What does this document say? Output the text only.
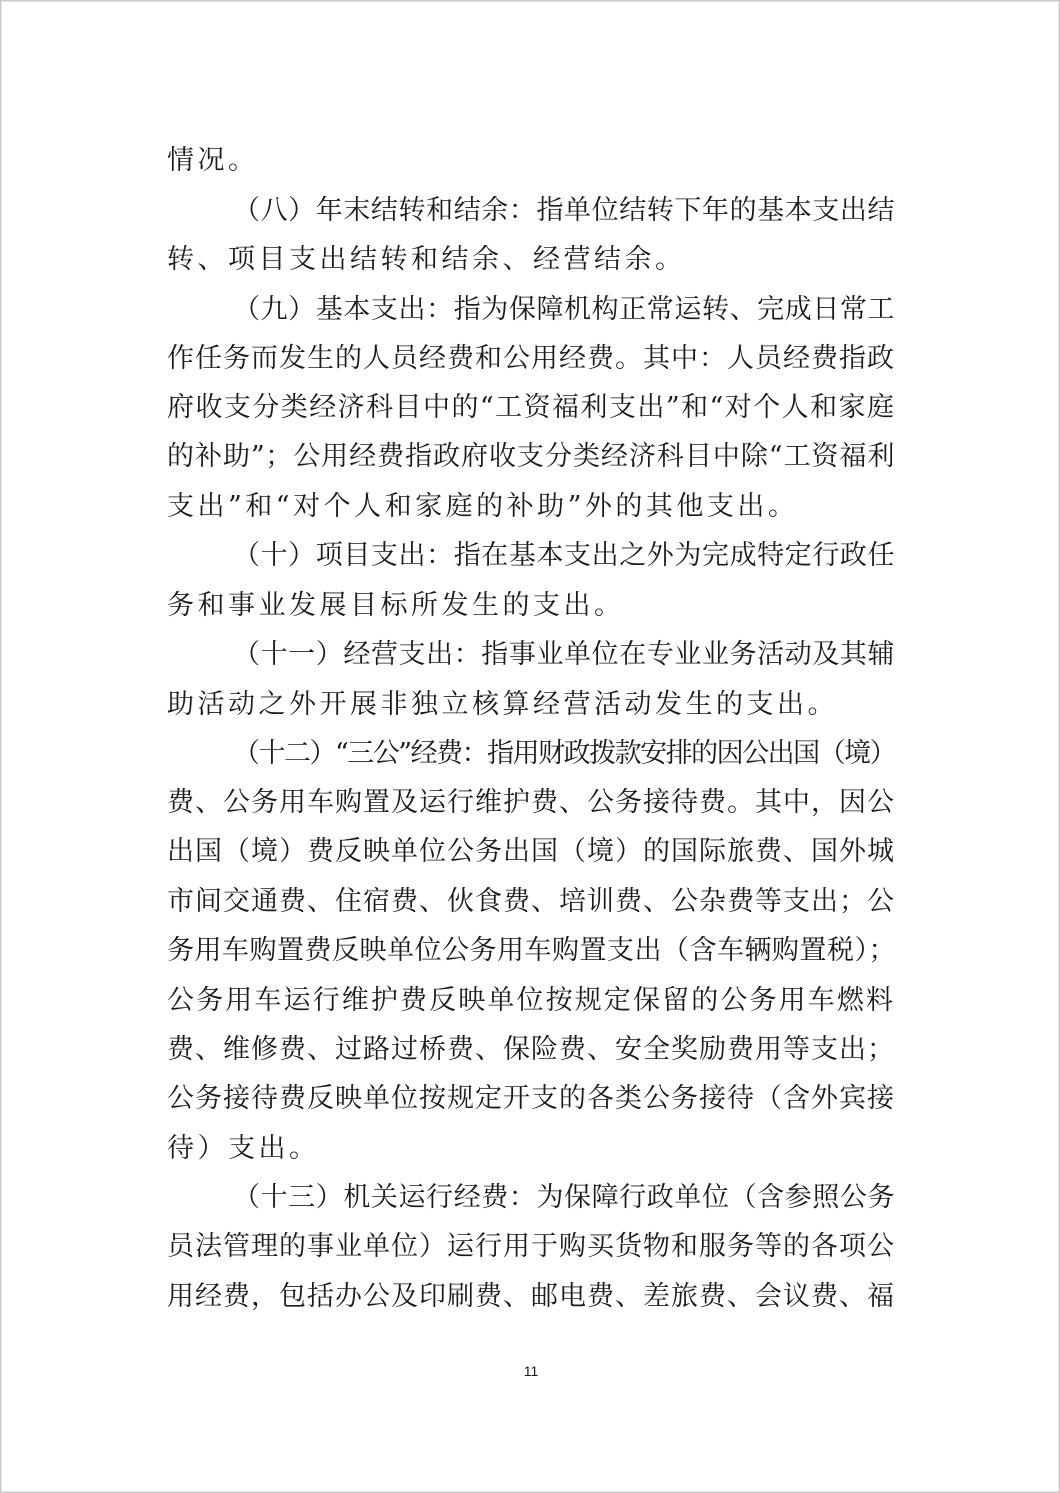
情况。
（八）年末结转和结余：指单位结转下年的基本支出结
转、项目支出结转和结余、经营结余。
（九）基本支出：指为保障机构正常运转、完成日常工
作任务而发生的人员经费和公用经费。其中：人员经费指政
府收支分类经济科目中的“工资福利支出”和“对个人和家庭
的补助”；公用经费指政府收支分类经济科目中除“工资福利
支出”和“对个人和家庭的补助”外的其他支出。
（十）项目支出：指在基本支出之外为完成特定行政任
务和事业发展目标所发生的支出。
（十一）经营支出：指事业单位在专业业务活动及其辅
助活动之外开展非独立核算经营活动发生的支出。
（十二）“三公”经费：指用财政拨款安排的因公出国（境）
费、公务用车购置及运行维护费、公务接待费。其中，因公
出国（境）费反映单位公务出国（境）的国际旅费、国外城
市间交通费、住宿费、伙食费、培训费、公杂费等支出；公
务用车购置费反映单位公务用车购置支出（含车辆购置税）；
公务用车运行维护费反映单位按规定保留的公务用车燃料
费、维修费、过路过桥费、保险费、安全奖励费用等支出；
公务接待费反映单位按规定开支的各类公务接待（含外宾接
待）支出。
（十三）机关运行经费：为保障行政单位（含参照公务
员法管理的事业单位）运行用于购买货物和服务等的各项公
用经费，包括办公及印刷费、邮电费、差旅费、会议费、福
11
